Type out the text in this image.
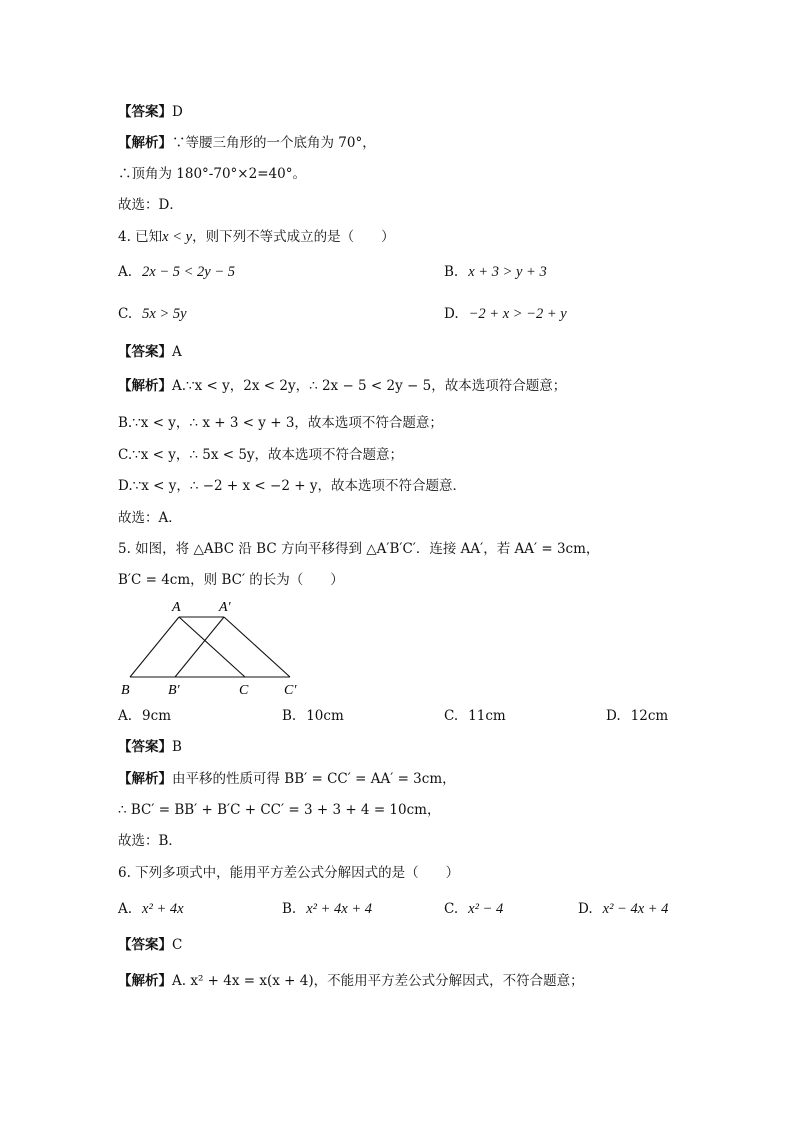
【答案】D
【解析】∵等腰三角形的一个底角为 70°，
∴顶角为 180°-70°×2=40°。
故选：D．
4. 已知x < y，则下列不等式成立的是（　　）
A. 2x − 5 < 2y − 5	B. x + 3 > y + 3
C. 5x > 5y	D. −2 + x > −2 + y
【答案】A
【解析】A.∵x < y，2x < 2y，∴ 2x − 5 < 2y − 5，故本选项符合题意；
B.∵x < y，∴ x + 3 < y + 3，故本选项不符合题意；
C.∵x < y，∴ 5x < 5y，故本选项不符合题意；
D.∵x < y，∴ −2 + x < −2 + y，故本选项不符合题意．
故选：A．
5. 如图，将 △ABC 沿 BC 方向平移得到 △A′B′C′．连接 AA′，若 AA′ = 3cm，
B′C = 4cm，则 BC′ 的长为（　　）
A	A′
B	B′	C	C′
A. 9cm	B. 10cm	C. 11cm	D. 12cm
【答案】B
【解析】由平移的性质可得 BB′ = CC′ = AA′ = 3cm，
∴ BC′ = BB′ + B′C + CC′ = 3 + 3 + 4 = 10cm，
故选：B．
6. 下列多项式中，能用平方差公式分解因式的是（　　）
A. x² + 4x	B. x² + 4x + 4	C. x² − 4	D. x² − 4x + 4
【答案】C
【解析】A. x² + 4x = x(x + 4)，不能用平方差公式分解因式，不符合题意；
